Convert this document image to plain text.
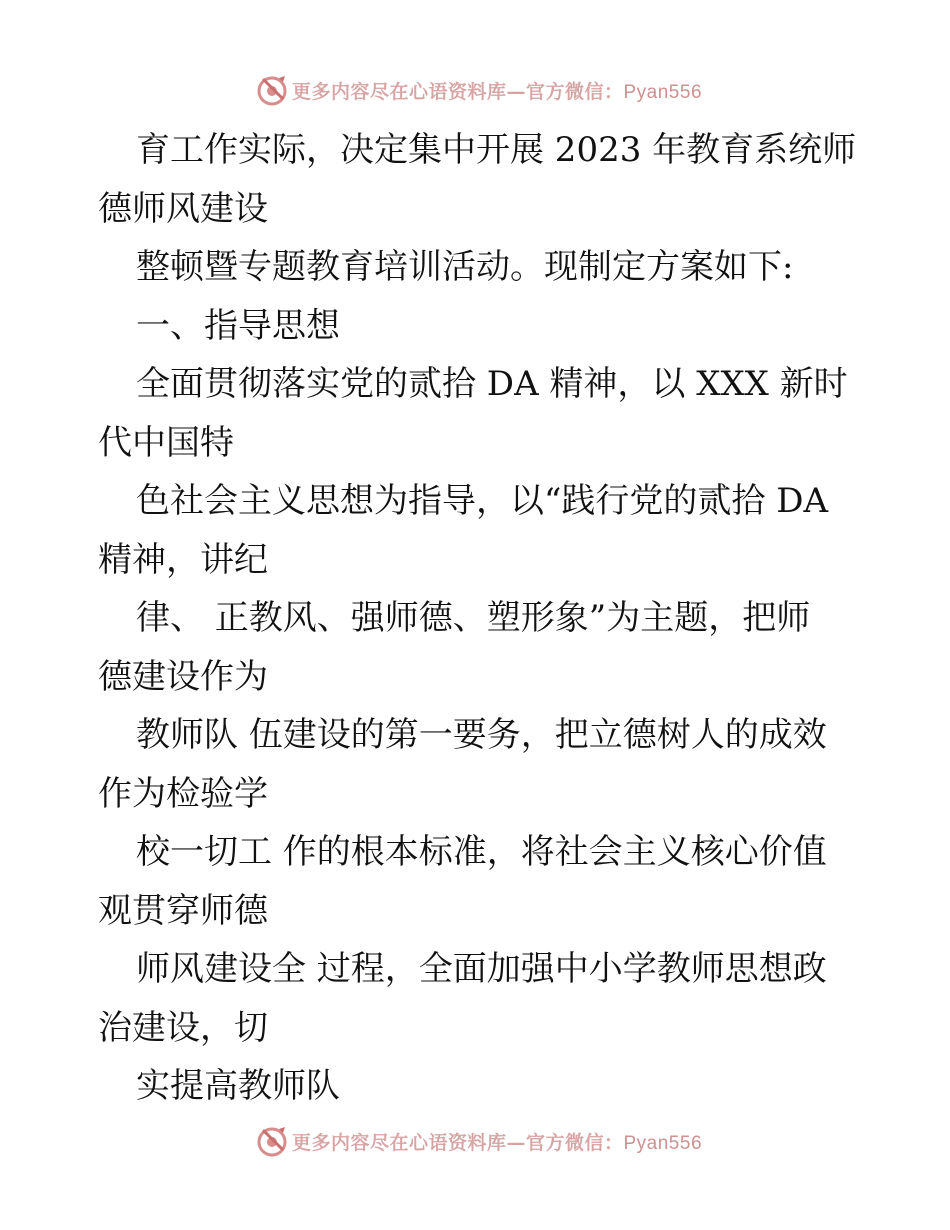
更多内容尽在心语资料库—官方微信：Pyan556
育工作实际，决定集中开展 2023 年教育系统师
德师风建设
整顿暨专题教育培训活动。现制定方案如下:
一、指导思想
全面贯彻落实党的贰拾 DA 精神，以 XXX 新时
代中国特
色社会主义思想为指导，以“践行党的贰拾 DA
精神，讲纪
律、 正教风、强师德、塑形象”为主题，把师
德建设作为
教师队 伍建设的第一要务，把立德树人的成效
作为检验学
校一切工 作的根本标准，将社会主义核心价值
观贯穿师德
师风建设全 过程，全面加强中小学教师思想政
治建设，切
实提高教师队
更多内容尽在心语资料库—官方微信：Pyan556
